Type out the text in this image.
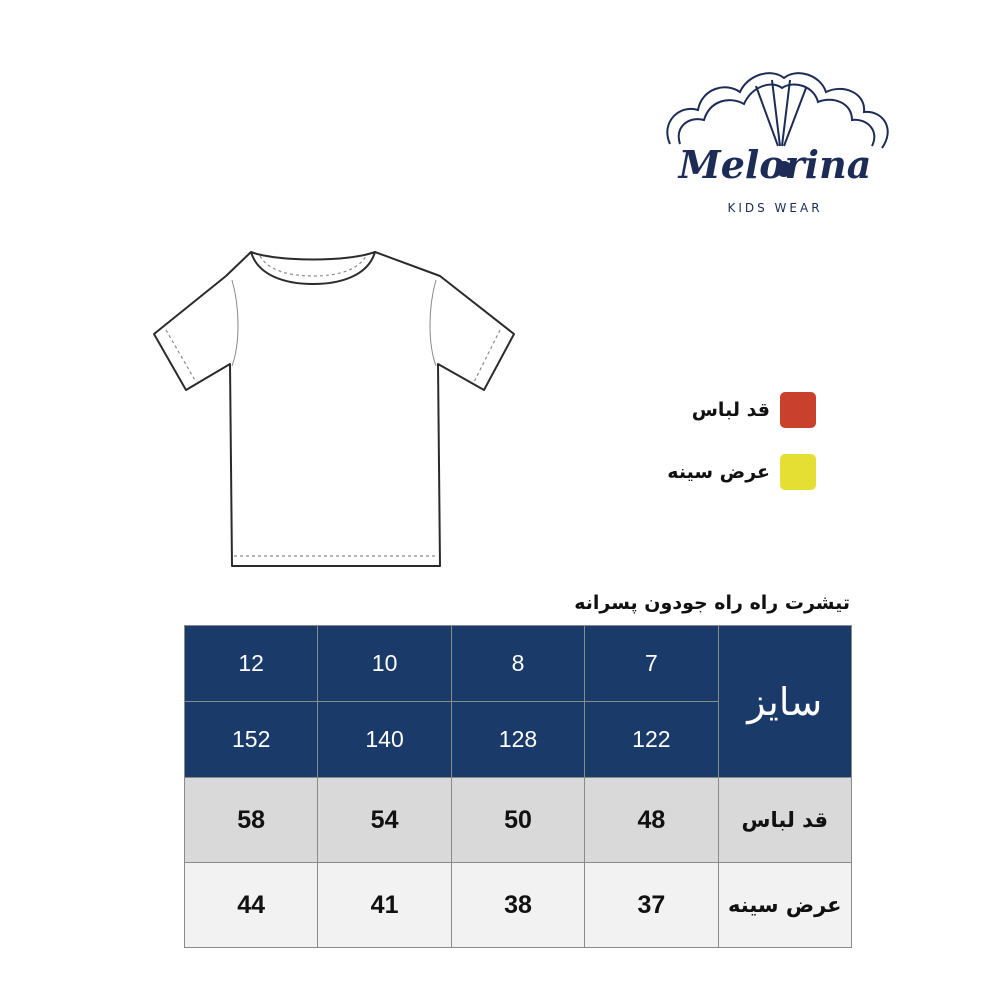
Melorina
KIDS WEAR
قد لباس
عرض سینه
تیشرت راه راه جودون پسرانه
12	10	8	7	سایز
152	140	128	122	
58	54	50	48	قد لباس
44	41	38	37	عرض سینه
